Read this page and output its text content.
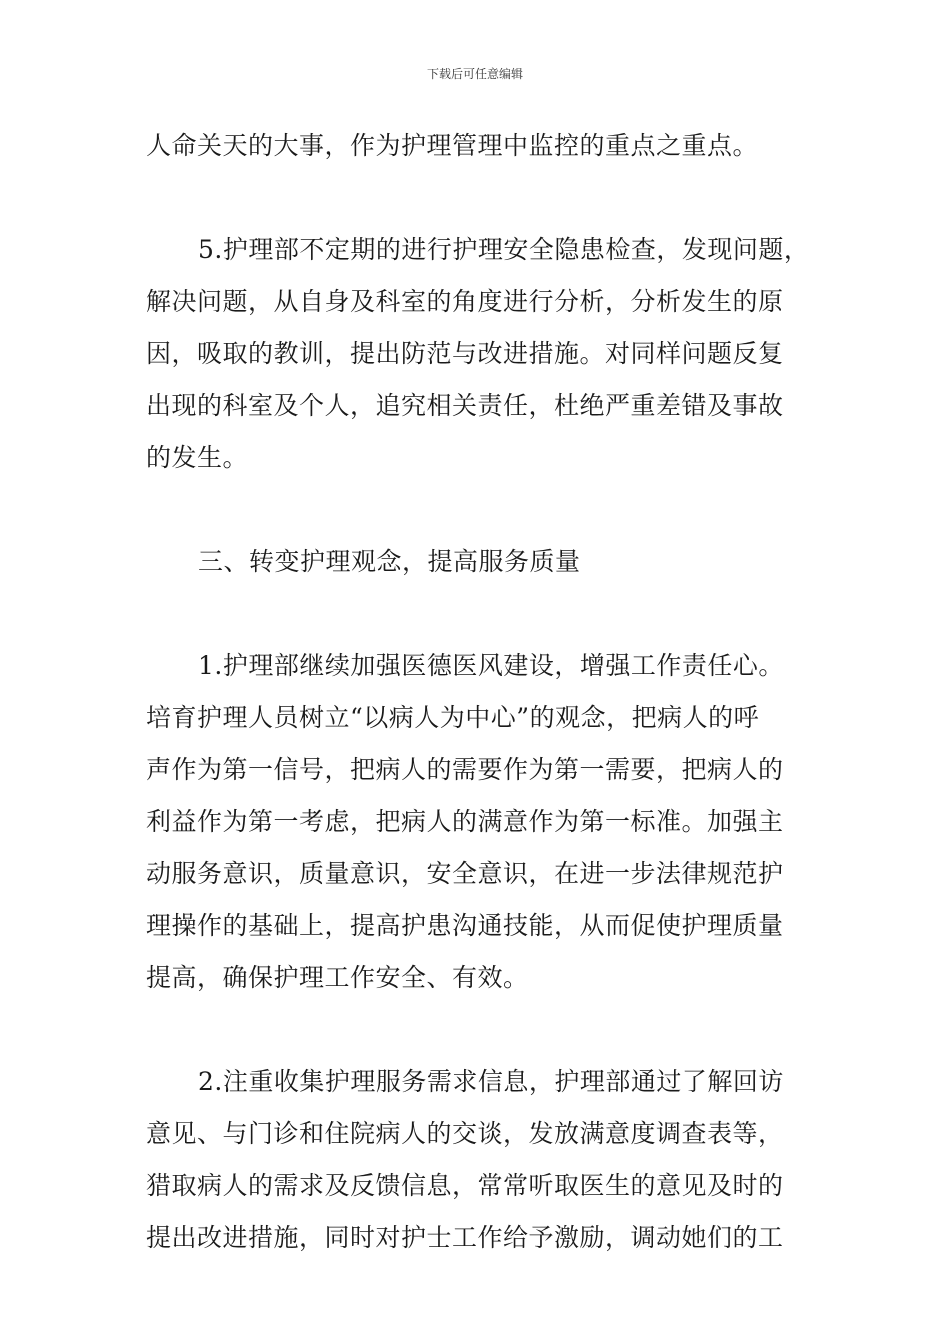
下载后可任意编辑
人命关天的大事，作为护理管理中监控的重点之重点。
5.护理部不定期的进行护理安全隐患检查，发现问题，
解决问题，从自身及科室的角度进行分析，分析发生的原
因，吸取的教训，提出防范与改进措施。对同样问题反复
出现的科室及个人，追究相关责任，杜绝严重差错及事故
的发生。
三、转变护理观念，提高服务质量
1.护理部继续加强医德医风建设，增强工作责任心。
培育护理人员树立“以病人为中心”的观念，把病人的呼
声作为第一信号，把病人的需要作为第一需要，把病人的
利益作为第一考虑，把病人的满意作为第一标准。加强主
动服务意识，质量意识，安全意识，在进一步法律规范护
理操作的基础上，提高护患沟通技能，从而促使护理质量
提高，确保护理工作安全、有效。
2.注重收集护理服务需求信息，护理部通过了解回访
意见、与门诊和住院病人的交谈，发放满意度调查表等，
猎取病人的需求及反馈信息，常常听取医生的意见及时的
提出改进措施，同时对护士工作给予激励，调动她们的工
